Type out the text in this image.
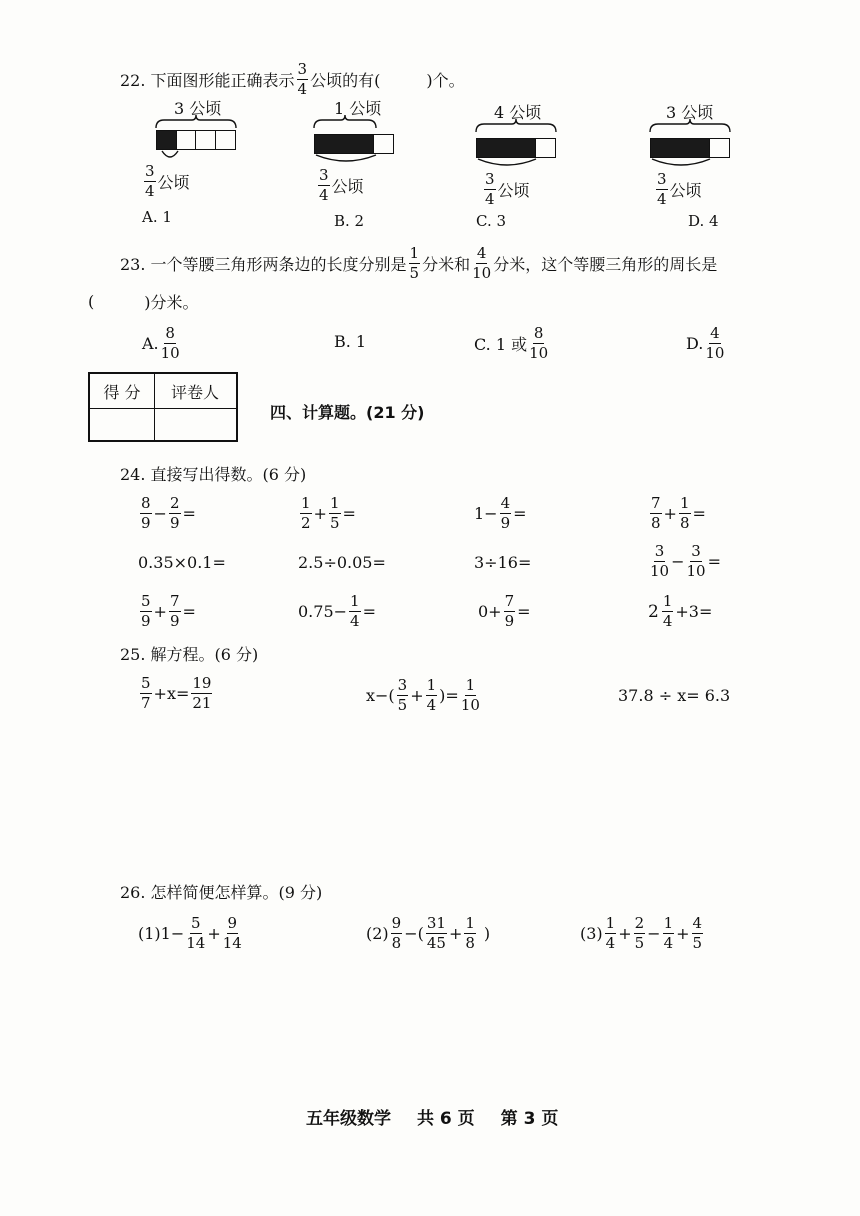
22. 下面图形能正确表示 $\frac{3}{4}$ 公顷的有(	)个。
3 公顷
$\frac{3}{4}$ 公顷
A. 1
1 公顷
$\frac{3}{4}$ 公顷
B. 2
4 公顷
$\frac{3}{4}$ 公顷
C. 3
3 公顷
$\frac{3}{4}$ 公顷
D. 4
23. 一个等腰三角形两条边的长度分别是 $\frac{1}{5}$ 分米和 $\frac{4}{10}$ 分米，这个等腰三角形的周长是
(	)分米。
A. $\frac{8}{10}$	B. 1	C. 1 或 $\frac{8}{10}$	D. $\frac{4}{10}$
得 分	评卷人
四、计算题。(21 分)
24. 直接写出得数。(6 分)
$\frac{8}{9} - \frac{2}{9}$ =	$\frac{1}{2} + \frac{1}{5}$ =	$1- \frac{4}{9}$ =	$\frac{7}{8} + \frac{1}{8}$ =
0.35×0.1=	2.5÷0.05=	3÷16=	$\frac{3}{10} - \frac{3}{10}$ =
$\frac{5}{9} + \frac{7}{9}$ =	$0.75- \frac{1}{4}$ =	$0+ \frac{7}{9}$ =	$2 \frac{1}{4} +3=$
25. 解方程。(6 分)
$\frac{5}{7} +x= \frac{19}{21}$	$x-( \frac{3}{5} + \frac{1}{4}$ )= $\frac{1}{10}$	37.8 ÷ x= 6.3
26. 怎样简便怎样算。(9 分)
$(1)1- \frac{5}{14} + \frac{9}{14}$	$(2) \frac{9}{8}$ −( $\frac{31}{45} + \frac{1}{8}$ )	$(3) \frac{1}{4} + \frac{2}{5} - \frac{1}{4} + \frac{4}{5}$
五年级数学 共 6 页 第 3 页
